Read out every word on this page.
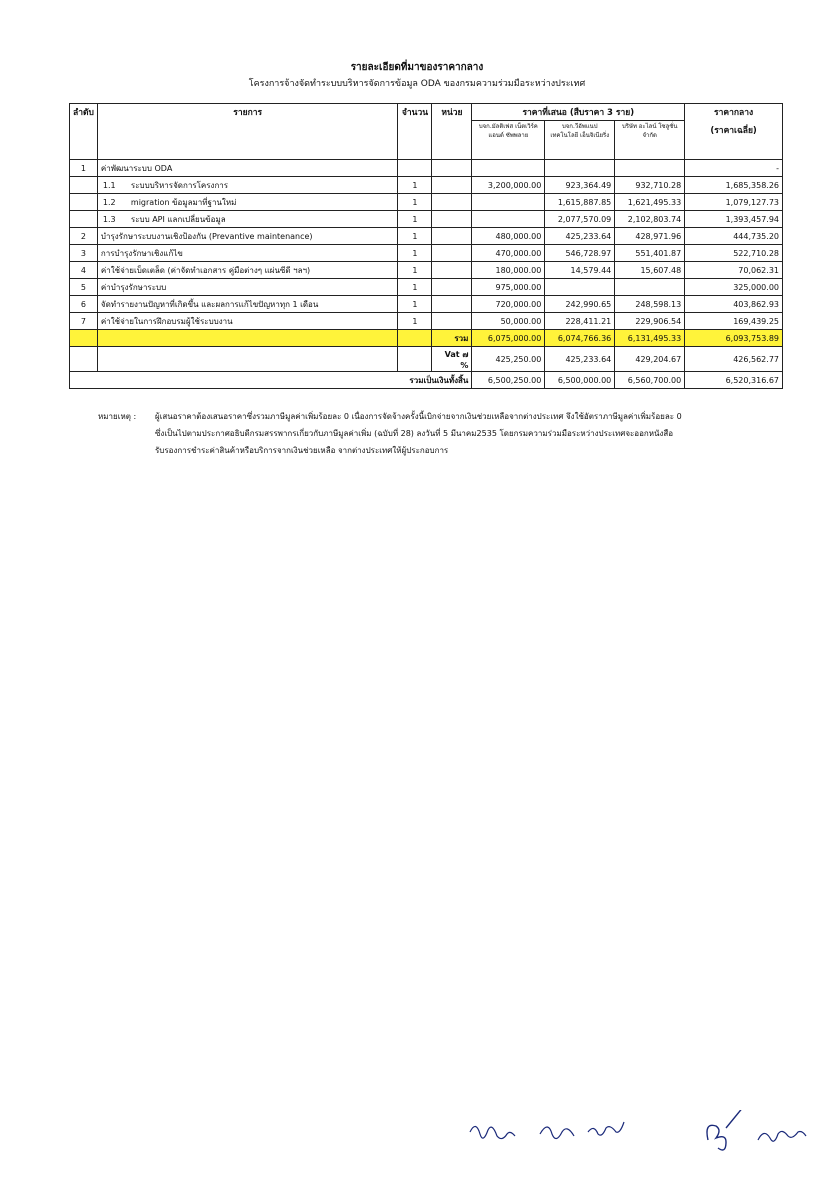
รายละเอียดที่มาของราคากลาง
โครงการจ้างจัดทำระบบบริหารจัดการข้อมูล ODA ของกรมความร่วมมือระหว่างประเทศ
ลำดับ	รายการ	จำนวน	หน่วย	ราคาที่เสนอ (สืบราคา 3 ราย)			ราคากลาง
(ราคาเฉลี่ย)

				บจก.มัลติเฟส เน็ตเวิร์ค แอนด์ ซัพพลาย	บจก.วีอัพแนป เทคโนโลยี เอ็นจิเนียริ่ง	บริษัท อะไลน์ โซลูชั่น จำกัด	
1	ค่าพัฒนาระบบ ODA						-
	1.1 ระบบบริหารจัดการโครงการ	1		3,200,000.00	923,364.49	932,710.28	1,685,358.26
	1.2 migration ข้อมูลมาที่ฐานใหม่	1			1,615,887.85	1,621,495.33	1,079,127.73
	1.3 ระบบ API แลกเปลี่ยนข้อมูล	1			2,077,570.09	2,102,803.74	1,393,457.94
2	บำรุงรักษาระบบงานเชิงป้องกัน (Prevantive maintenance)	1		480,000.00	425,233.64	428,971.96	444,735.20
3	การบำรุงรักษาเชิงแก้ไข	1		470,000.00	546,728.97	551,401.87	522,710.28
4	ค่าใช้จ่ายเบ็ดเตล็ด (ค่าจัดทำเอกสาร คู่มือต่างๆ แผ่นซีดี ฯลฯ)	1		180,000.00	14,579.44	15,607.48	70,062.31
5	ค่าบำรุงรักษาระบบ	1		975,000.00			325,000.00
6	จัดทำรายงานปัญหาที่เกิดขึ้น และผลการแก้ไขปัญหาทุก 1 เดือน	1		720,000.00	242,990.65	248,598.13	403,862.93
7	ค่าใช้จ่ายในการฝึกอบรมผู้ใช้ระบบงาน	1		50,000.00	228,411.21	229,906.54	169,439.25
			รวม	6,075,000.00	6,074,766.36	6,131,495.33	6,093,753.89
			Vat ๗ %	425,250.00	425,233.64	429,204.67	426,562.77
รวมเป็นเงินทั้งสิ้น				6,500,250.00	6,500,000.00	6,560,700.00	6,520,316.67
หมายเหตุ : ผู้เสนอราคาต้องเสนอราคาซึ่งรวมภาษีมูลค่าเพิ่มร้อยละ 0 เนื่องการจัดจ้างครั้งนี้เบิกจ่ายจากเงินช่วยเหลือจากต่างประเทศ จึงใช้อัตราภาษีมูลค่าเพิ่มร้อยละ 0
ซึ่งเป็นไปตามประกาศอธิบดีกรมสรรพากรเกี่ยวกับภาษีมูลค่าเพิ่ม (ฉบับที่ 28) ลงวันที่ 5 มีนาคม2535 โดยกรมความร่วมมือระหว่างประเทศจะออกหนังสือ
รับรองการชำระค่าสินค้าหรือบริการจากเงินช่วยเหลือ จากต่างประเทศให้ผู้ประกอบการ
